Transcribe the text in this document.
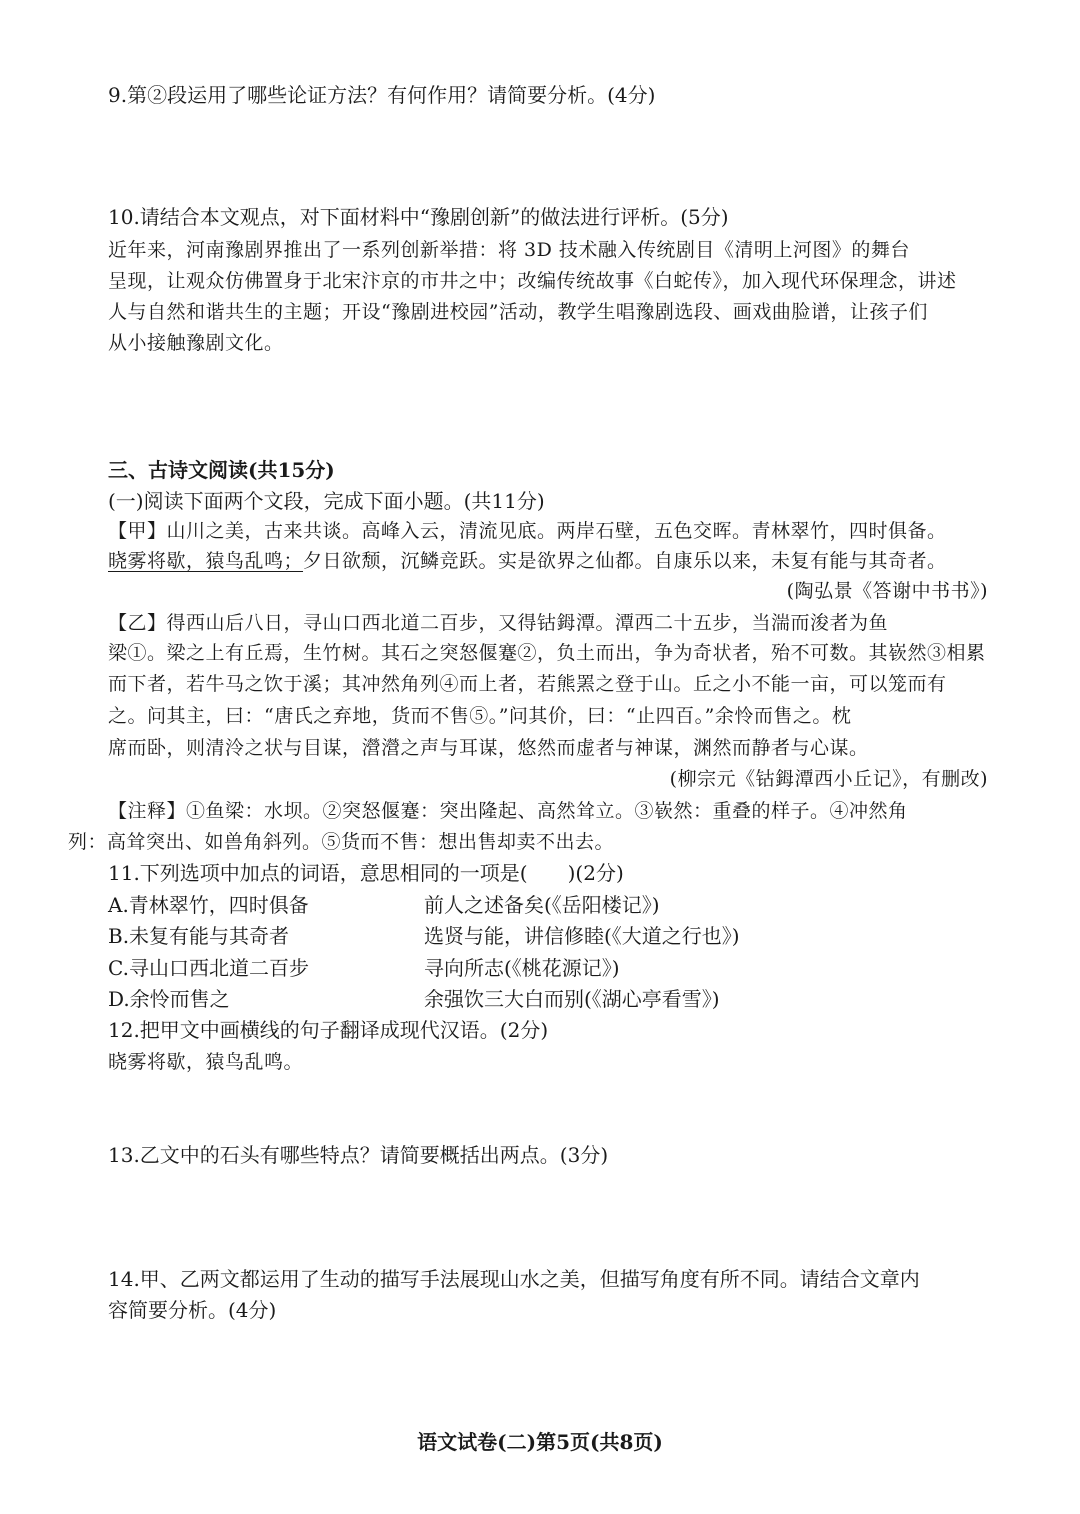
9.第②段运用了哪些论证方法？有何作用？请简要分析。(4分)
10.请结合本文观点，对下面材料中“豫剧创新”的做法进行评析。(5分)
近年来，河南豫剧界推出了一系列创新举措：将 3D 技术融入传统剧目《清明上河图》的舞台
呈现，让观众仿佛置身于北宋汴京的市井之中；改编传统故事《白蛇传》，加入现代环保理念，讲述
人与自然和谐共生的主题；开设“豫剧进校园”活动，教学生唱豫剧选段、画戏曲脸谱，让孩子们
从小接触豫剧文化。
三、古诗文阅读(共15分)
(一)阅读下面两个文段，完成下面小题。(共11分)
【甲】山川之美，古来共谈。高峰入云，清流见底。两岸石壁，五色交晖。青林翠竹，四时俱备。
晓雾将歇，猿鸟乱鸣；夕日欲颓，沉鳞竞跃。实是欲界之仙都。自康乐以来，未复有能与其奇者。
(陶弘景《答谢中书书》)
【乙】得西山后八日，寻山口西北道二百步，又得钴鉧潭。潭西二十五步，当湍而浚者为鱼
梁①。梁之上有丘焉，生竹树。其石之突怒偃蹇②，负土而出，争为奇状者，殆不可数。其嵚然③相累
而下者，若牛马之饮于溪；其冲然角列④而上者，若熊罴之登于山。丘之小不能一亩，可以笼而有
之。问其主，曰：“唐氏之弃地，货而不售⑤。”问其价，曰：“止四百。”余怜而售之。枕
席而卧，则清泠之状与目谋，瀯瀯之声与耳谋，悠然而虚者与神谋，渊然而静者与心谋。
(柳宗元《钴鉧潭西小丘记》，有删改)
【注释】①鱼梁：水坝。②突怒偃蹇：突出隆起、高然耸立。③嵚然：重叠的样子。④冲然角
列：高耸突出、如兽角斜列。⑤货而不售：想出售却卖不出去。
11.下列选项中加点的词语，意思相同的一项是(　　)(2分)
A.青林翠竹，四时俱备	前人之述备矣(《岳阳楼记》)
B.未复有能与其奇者	选贤与能，讲信修睦(《大道之行也》)
C.寻山口西北道二百步	寻向所志(《桃花源记》)
D.余怜而售之	余强饮三大白而别(《湖心亭看雪》)
12.把甲文中画横线的句子翻译成现代汉语。(2分)
晓雾将歇，猿鸟乱鸣。
13.乙文中的石头有哪些特点？请简要概括出两点。(3分)
14.甲、乙两文都运用了生动的描写手法展现山水之美，但描写角度有所不同。请结合文章内
容简要分析。(4分)
语文试卷(二)第5页(共8页)
